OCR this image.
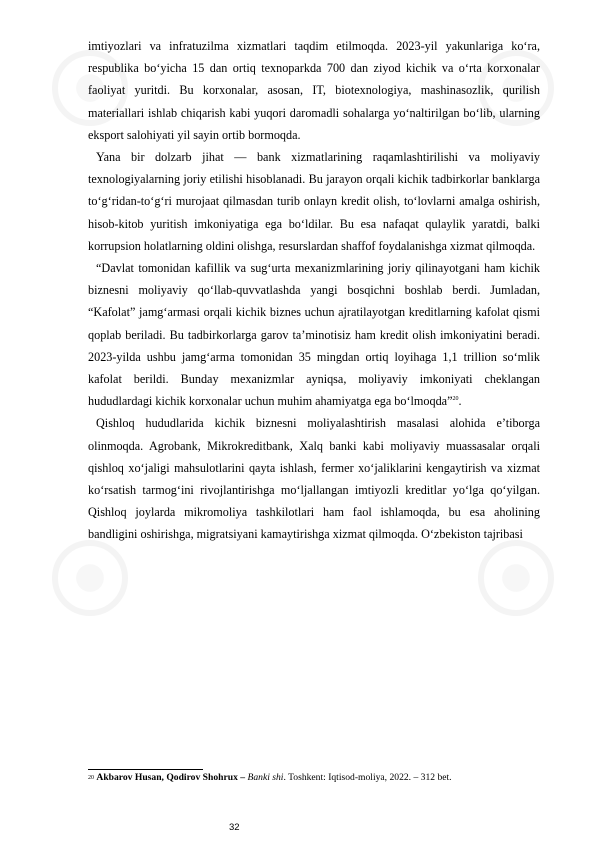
imtiyozlari va infratuzilma xizmatlari taqdim etilmoqda. 2023-yil yakunlariga ko‘ra, respublika bo‘yicha 15 dan ortiq texnoparkda 700 dan ziyod kichik va o‘rta korxonalar faoliyat yuritdi. Bu korxonalar, asosan, IT, biotexnologiya, mashinasozlik, qurilish materiallari ishlab chiqarish kabi yuqori daromadli sohalarga yo‘naltirilgan bo‘lib, ularning eksport salohiyati yil sayin ortib bormoqda.

Yana bir dolzarb jihat — bank xizmatlarining raqamlashtirilishi va moliyaviy texnologiyalarning joriy etilishi hisoblanadi. Bu jarayon orqali kichik tadbirkorlar banklarga to‘g‘ridan-to‘g‘ri murojaat qilmasdan turib onlayn kredit olish, to‘lovlarni amalga oshirish, hisob-kitob yuritish imkoniyatiga ega bo‘ldilar. Bu esa nafaqat qulaylik yaratdi, balki korrupsion holatlarning oldini olishga, resurslardan shaffof foydalanishga xizmat qilmoqda.

“Davlat tomonidan kafillik va sug‘urta mexanizmlarining joriy qilinayotgani ham kichik biznesni moliyaviy qo‘llab-quvvatlashda yangi bosqichni boshlab berdi. Jumladan, “Kafolat” jamg‘armasi orqali kichik biznes uchun ajratilayotgan kreditlarning kafolat qismi qoplab beriladi. Bu tadbirkorlarga garov ta’minotisiz ham kredit olish imkoniyatini beradi. 2023-yilda ushbu jamg‘arma tomonidan 35 mingdan ortiq loyihaga 1,1 trillion so‘mlik kafolat berildi. Bunday mexanizmlar ayniqsa, moliyaviy imkoniyati cheklangan hududlardagi kichik korxonalar uchun muhim ahamiyatga ega bo‘lmoqda”$^{20}$.

Qishloq hududlarida kichik biznesni moliyalashtirish masalasi alohida e’tiborga olinmoqda. Agrobank, Mikrokreditbank, Xalq banki kabi moliyaviy muassasalar orqali qishloq xo‘jaligi mahsulotlarini qayta ishlash, fermer xo‘jaliklarini kengaytirish va xizmat ko‘rsatish tarmog‘ini rivojlantirishga mo‘ljallangan imtiyozli kreditlar yo‘lga qo‘yilgan. Qishloq joylarda mikromoliya tashkilotlari ham faol ishlamoqda, bu esa aholining bandligini oshirishga, migratsiyani kamaytirishga xizmat qilmoqda. O‘zbekiston tajribasi

$^{20}$ Akbarov Husan, Qodirov Shohrux – Banki shi. Toshkent: Iqtisod-moliya, 2022. – 312 bet.
32
